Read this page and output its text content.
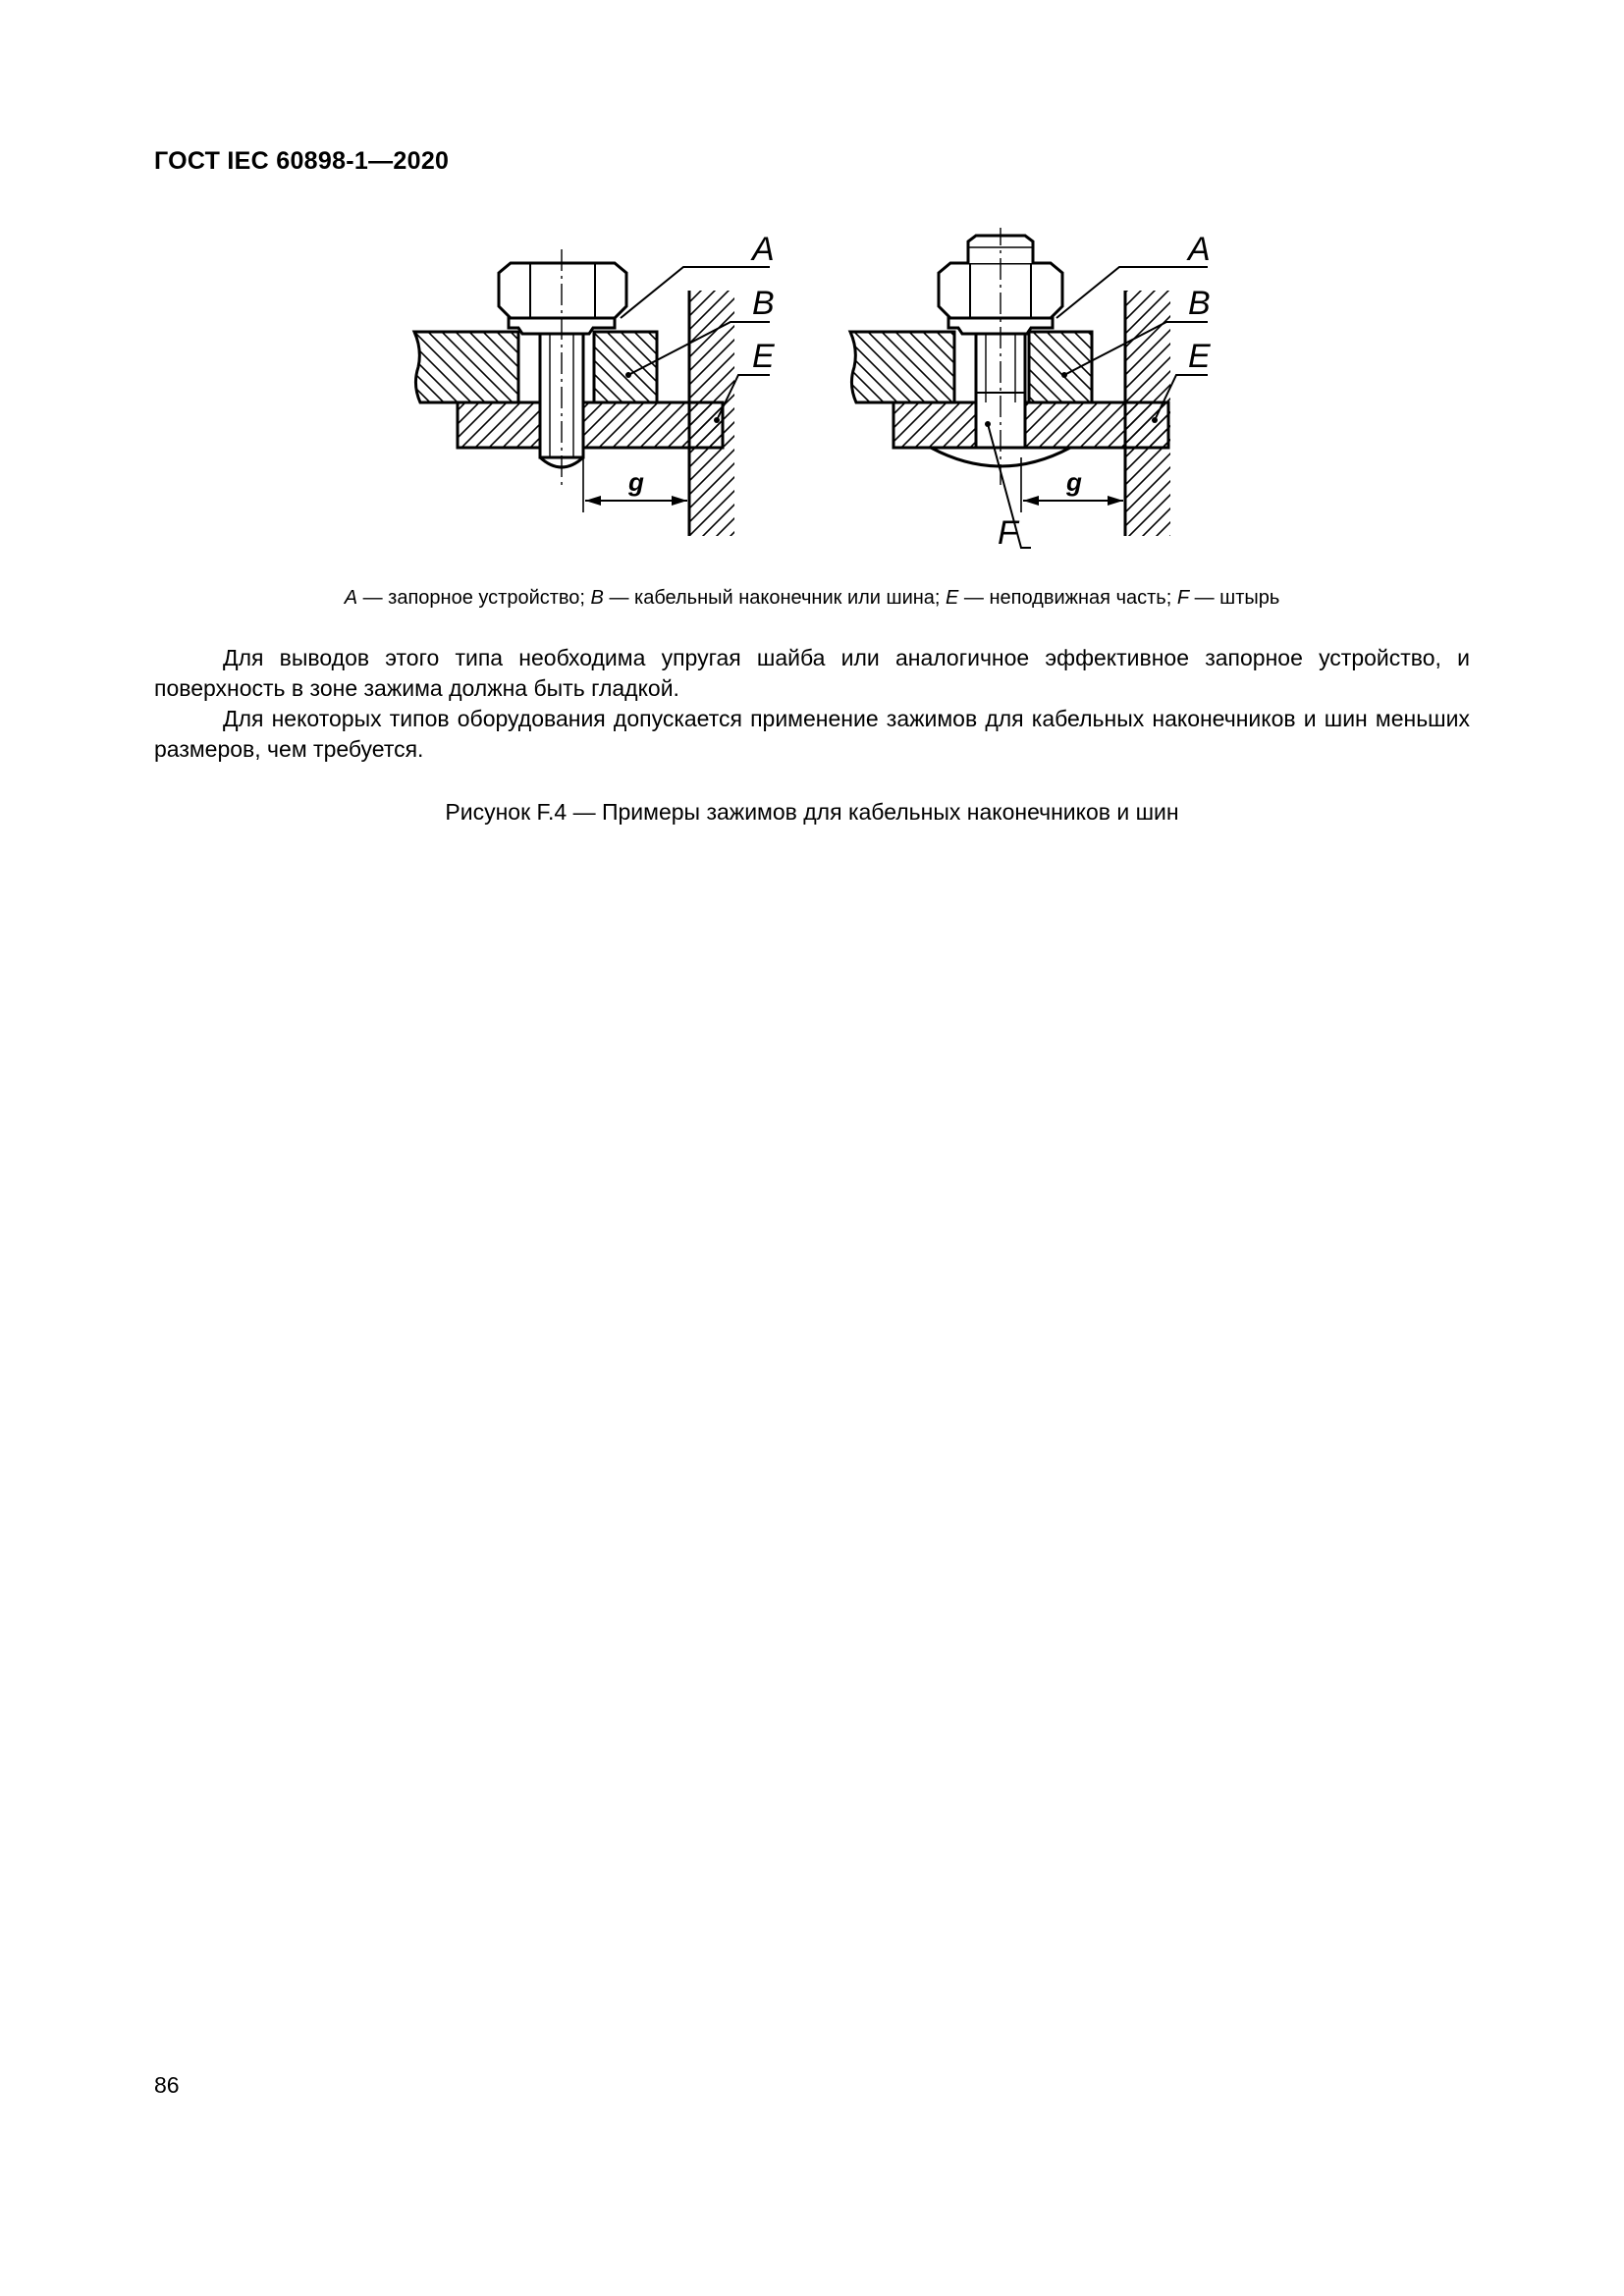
ГОСТ IEC 60898-1—2020
A
B
E
g
A
B
E
F
g
A — запорное устройство; B — кабельный наконечник или шина; E — неподвижная часть; F — штырь

Для выводов этого типа необходима упругая шайба или аналогичное эффективное запорное устройство, и поверхность в зоне зажима должна быть гладкой.

Для некоторых типов оборудования допускается применение зажимов для кабельных наконечников и шин меньших размеров, чем требуется.

Рисунок F.4 — Примеры зажимов для кабельных наконечников и шин
86
